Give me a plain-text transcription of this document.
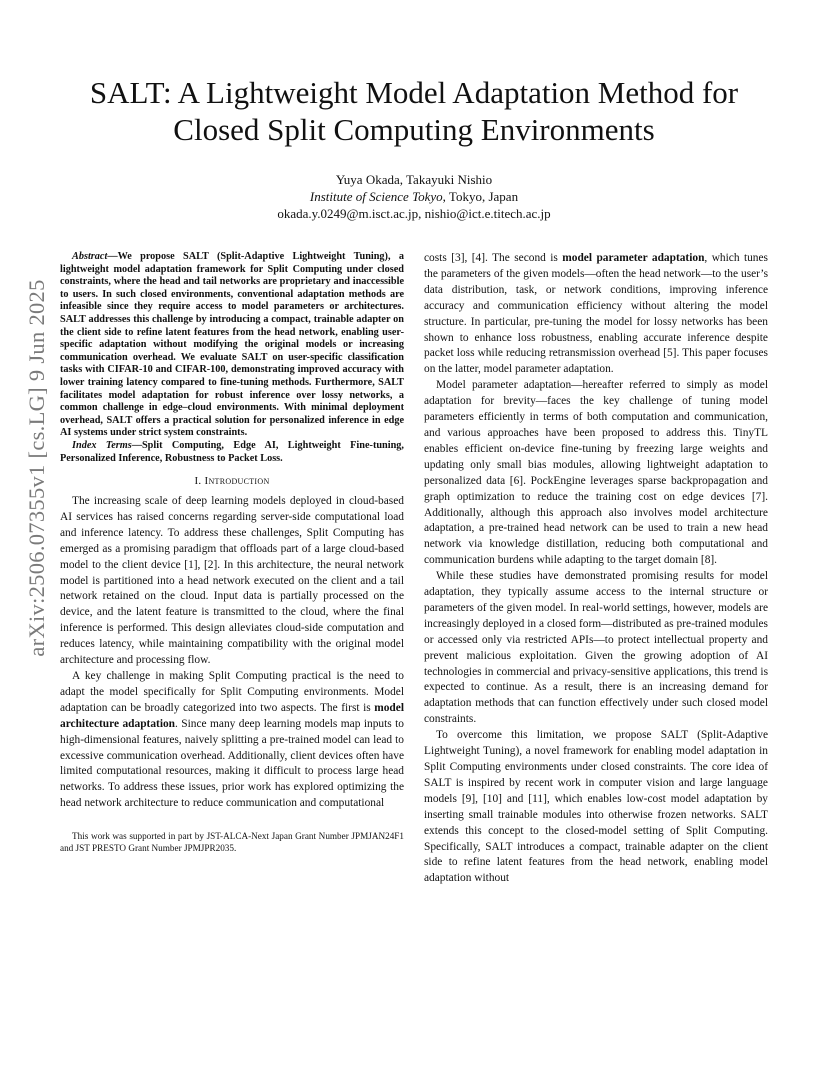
arXiv:2506.07355v1 [cs.LG] 9 Jun 2025
SALT: A Lightweight Model Adaptation Method for Closed Split Computing Environments
Yuya Okada, Takayuki Nishio
Institute of Science Tokyo, Tokyo, Japan
okada.y.0249@m.isct.ac.jp, nishio@ict.e.titech.ac.jp

Abstract—We propose SALT (Split-Adaptive Lightweight Tuning), a lightweight model adaptation framework for Split Computing under closed constraints, where the head and tail networks are proprietary and inaccessible to users. In such closed environments, conventional adaptation methods are infeasible since they require access to model parameters or architectures. SALT addresses this challenge by introducing a compact, trainable adapter on the client side to refine latent features from the head network, enabling user-specific adaptation without modifying the original models or increasing communication overhead. We evaluate SALT on user-specific classification tasks with CIFAR-10 and CIFAR-100, demonstrating improved accuracy with lower training latency compared to fine-tuning methods. Furthermore, SALT facilitates model adaptation for robust inference over lossy networks, a common challenge in edge–cloud environments. With minimal deployment overhead, SALT offers a practical solution for personalized inference in edge AI systems under strict system constraints.

Index Terms—Split Computing, Edge AI, Lightweight Fine-tuning, Personalized Inference, Robustness to Packet Loss.

I. Introduction

The increasing scale of deep learning models deployed in cloud-based AI services has raised concerns regarding server-side computational load and inference latency. To address these challenges, Split Computing has emerged as a promising paradigm that offloads part of a large cloud-based model to the client device [1], [2]. In this architecture, the neural network model is partitioned into a head network executed on the client and a tail network retained on the cloud. Input data is partially processed on the device, and the latent feature is transmitted to the cloud, where the final inference is performed. This design alleviates cloud-side computation and reduces latency, while maintaining compatibility with the original model architecture and processing flow.

A key challenge in making Split Computing practical is the need to adapt the model specifically for Split Computing environments. Model adaptation can be broadly categorized into two aspects. The first is model architecture adaptation. Since many deep learning models map inputs to high-dimensional features, naively splitting a pre-trained model can lead to excessive communication overhead. Additionally, client devices often have limited computational resources, making it difficult to process large head networks. To address these issues, prior work has explored optimizing the head network architecture to reduce communication and computational

This work was supported in part by JST-ALCA-Next Japan Grant Number JPMJAN24F1 and JST PRESTO Grant Number JPMJPR2035.

costs [3], [4]. The second is model parameter adaptation, which tunes the parameters of the given models—often the head network—to the user’s data distribution, task, or network conditions, improving inference accuracy and communication efficiency without altering the model structure. In particular, pre-tuning the model for lossy networks has been shown to enhance loss robustness, enabling accurate inference despite packet loss while reducing retransmission overhead [5]. This paper focuses on the latter, model parameter adaptation.

Model parameter adaptation—hereafter referred to simply as model adaptation for brevity—faces the key challenge of tuning model parameters efficiently in terms of both computation and communication, and various approaches have been proposed to address this. TinyTL enables efficient on-device fine-tuning by freezing large weights and updating only small bias modules, allowing lightweight adaptation to personalized data [6]. PockEngine leverages sparse backpropagation and graph optimization to reduce the training cost on edge devices [7]. Additionally, although this approach also involves model architecture adaptation, a pre-trained head network can be used to train a new head network via knowledge distillation, reducing both computational and communication burdens while adapting to the target domain [8].

While these studies have demonstrated promising results for model adaptation, they typically assume access to the internal structure or parameters of the given model. In real-world settings, however, models are increasingly deployed in a closed form—distributed as pre-trained modules or accessed only via restricted APIs—to protect intellectual property and prevent malicious exploitation. Given the growing adoption of AI technologies in commercial and privacy-sensitive applications, this trend is expected to continue. As a result, there is an increasing demand for adaptation methods that can function effectively under such closed model constraints.

To overcome this limitation, we propose SALT (Split-Adaptive Lightweight Tuning), a novel framework for enabling model adaptation in Split Computing environments under closed constraints. The core idea of SALT is inspired by recent work in computer vision and large language models [9], [10] and [11], which enables low-cost model adaptation by inserting small trainable modules into otherwise frozen networks. SALT extends this concept to the closed-model setting of Split Computing. Specifically, SALT introduces a compact, trainable adapter on the client side to refine latent features from the head network, enabling model adaptation without
